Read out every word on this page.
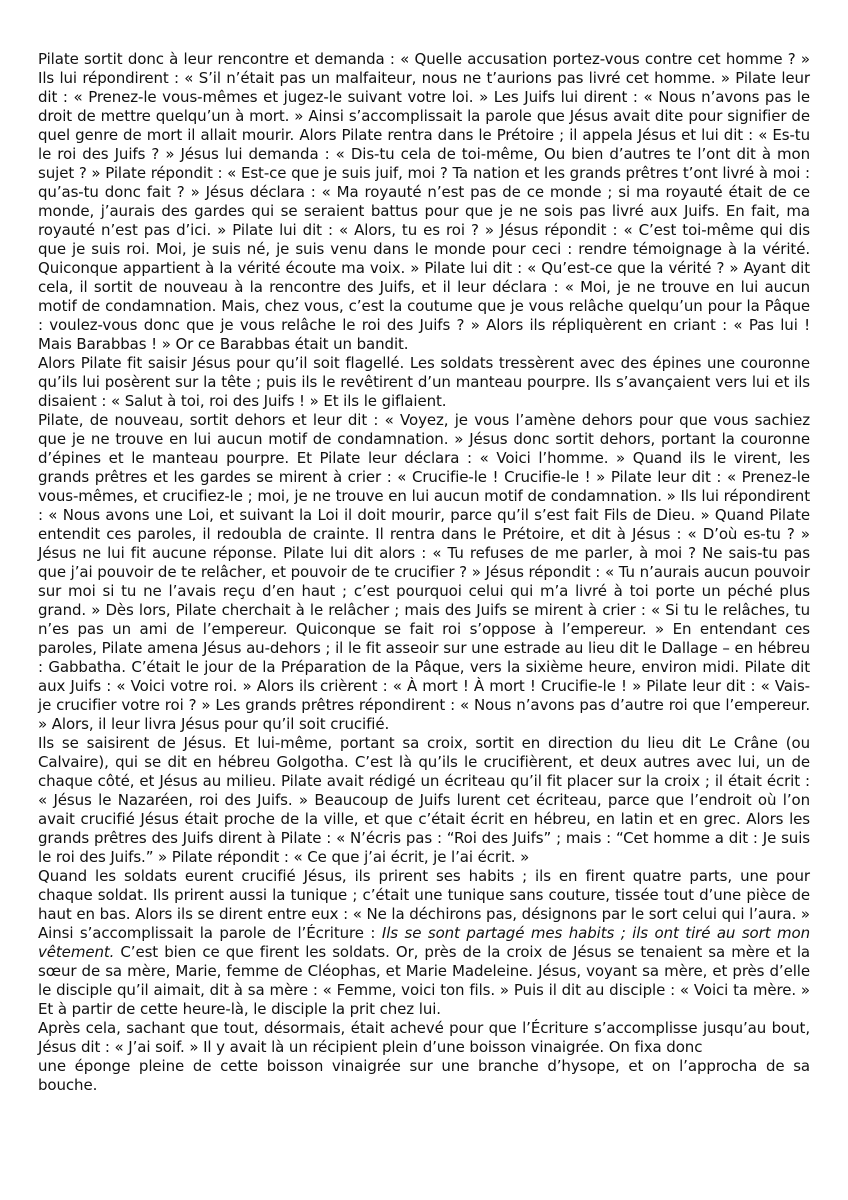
Pilate sortit donc à leur rencontre et demanda : « Quelle accusation portez-vous contre cet homme ? » Ils lui répondirent : « S’il n’était pas un malfaiteur, nous ne t’aurions pas livré cet homme. » Pilate leur dit : « Prenez-le vous-mêmes et jugez-le suivant votre loi. » Les Juifs lui dirent : « Nous n’avons pas le droit de mettre quelqu’un à mort. » Ainsi s’accomplissait la parole que Jésus avait dite pour signifier de quel genre de mort il allait mourir. Alors Pilate rentra dans le Prétoire ; il appela Jésus et lui dit : « Es-tu le roi des Juifs ? » Jésus lui demanda : « Dis-tu cela de toi-même, Ou bien d’autres te l’ont dit à mon sujet ? » Pilate répondit : « Est-ce que je suis juif, moi ? Ta nation et les grands prêtres t’ont livré à moi : qu’as-tu donc fait ? » Jésus déclara : « Ma royauté n’est pas de ce monde ; si ma royauté était de ce monde, j’aurais des gardes qui se seraient battus pour que je ne sois pas livré aux Juifs. En fait, ma royauté n’est pas d’ici. » Pilate lui dit : « Alors, tu es roi ? » Jésus répondit : « C’est toi-même qui dis que je suis roi. Moi, je suis né, je suis venu dans le monde pour ceci : rendre témoignage à la vérité. Quiconque appartient à la vérité écoute ma voix. » Pilate lui dit : « Qu’est-ce que la vérité ? » Ayant dit cela, il sortit de nouveau à la rencontre des Juifs, et il leur déclara : « Moi, je ne trouve en lui aucun motif de condamnation. Mais, chez vous, c’est la coutume que je vous relâche quelqu’un pour la Pâque : voulez-vous donc que je vous relâche le roi des Juifs ? » Alors ils répliquèrent en criant : « Pas lui ! Mais Barabbas ! » Or ce Barabbas était un bandit.

Alors Pilate fit saisir Jésus pour qu’il soit flagellé. Les soldats tressèrent avec des épines une couronne qu’ils lui posèrent sur la tête ; puis ils le revêtirent d’un manteau pourpre. Ils s’avançaient vers lui et ils disaient : « Salut à toi, roi des Juifs ! » Et ils le giflaient.

Pilate, de nouveau, sortit dehors et leur dit : « Voyez, je vous l’amène dehors pour que vous sachiez que je ne trouve en lui aucun motif de condamnation. » Jésus donc sortit dehors, portant la couronne d’épines et le manteau pourpre. Et Pilate leur déclara : « Voici l’homme. » Quand ils le virent, les grands prêtres et les gardes se mirent à crier : « Crucifie-le ! Crucifie-le ! » Pilate leur dit : « Prenez-le vous-mêmes, et crucifiez-le ; moi, je ne trouve en lui aucun motif de condamnation. » Ils lui répondirent : « Nous avons une Loi, et suivant la Loi il doit mourir, parce qu’il s’est fait Fils de Dieu. » Quand Pilate entendit ces paroles, il redoubla de crainte. Il rentra dans le Prétoire, et dit à Jésus : « D’où es-tu ? » Jésus ne lui fit aucune réponse. Pilate lui dit alors : « Tu refuses de me parler, à moi ? Ne sais-tu pas que j’ai pouvoir de te relâcher, et pouvoir de te crucifier ? » Jésus répondit : « Tu n’aurais aucun pouvoir sur moi si tu ne l’avais reçu d’en haut ; c’est pourquoi celui qui m’a livré à toi porte un péché plus grand. » Dès lors, Pilate cherchait à le relâcher ; mais des Juifs se mirent à crier : « Si tu le relâches, tu n’es pas un ami de l’empereur. Quiconque se fait roi s’oppose à l’empereur. » En entendant ces paroles, Pilate amena Jésus au-dehors ; il le fit asseoir sur une estrade au lieu dit le Dallage – en hébreu : Gabbatha. C’était le jour de la Préparation de la Pâque, vers la sixième heure, environ midi. Pilate dit aux Juifs : « Voici votre roi. » Alors ils crièrent : « À mort ! À mort ! Crucifie-le ! » Pilate leur dit : « Vais-je crucifier votre roi ? » Les grands prêtres répondirent : « Nous n’avons pas d’autre roi que l’empereur. » Alors, il leur livra Jésus pour qu’il soit crucifié.

Ils se saisirent de Jésus. Et lui-même, portant sa croix, sortit en direction du lieu dit Le Crâne (ou Calvaire), qui se dit en hébreu Golgotha. C’est là qu’ils le crucifièrent, et deux autres avec lui, un de chaque côté, et Jésus au milieu. Pilate avait rédigé un écriteau qu’il fit placer sur la croix ; il était écrit : « Jésus le Nazaréen, roi des Juifs. » Beaucoup de Juifs lurent cet écriteau, parce que l’endroit où l’on avait crucifié Jésus était proche de la ville, et que c’était écrit en hébreu, en latin et en grec. Alors les grands prêtres des Juifs dirent à Pilate : « N’écris pas : “Roi des Juifs” ; mais : “Cet homme a dit : Je suis le roi des Juifs.” » Pilate répondit : « Ce que j’ai écrit, je l’ai écrit. »

Quand les soldats eurent crucifié Jésus, ils prirent ses habits ; ils en firent quatre parts, une pour chaque soldat. Ils prirent aussi la tunique ; c’était une tunique sans couture, tissée tout d’une pièce de haut en bas. Alors ils se dirent entre eux : « Ne la déchirons pas, désignons par le sort celui qui l’aura. » Ainsi s’accomplissait la parole de l’Écriture : Ils se sont partagé mes habits ; ils ont tiré au sort mon vêtement. C’est bien ce que firent les soldats. Or, près de la croix de Jésus se tenaient sa mère et la sœur de sa mère, Marie, femme de Cléophas, et Marie Madeleine. Jésus, voyant sa mère, et près d’elle le disciple qu’il aimait, dit à sa mère : « Femme, voici ton fils. » Puis il dit au disciple : « Voici ta mère. » Et à partir de cette heure-là, le disciple la prit chez lui.

Après cela, sachant que tout, désormais, était achevé pour que l’Écriture s’accomplisse jusqu’au bout, Jésus dit : « J’ai soif. » Il y avait là un récipient plein d’une boisson vinaigrée. On fixa donc

une éponge pleine de cette boisson vinaigrée sur une branche d’hysope, et on l’approcha de sa bouche.
